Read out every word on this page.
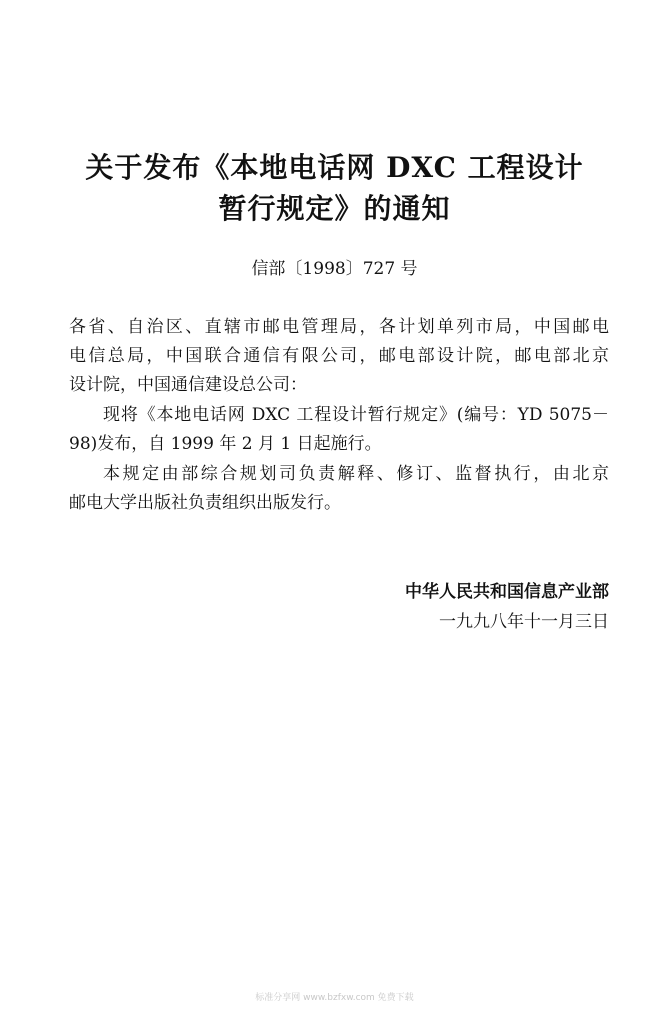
关于发布《本地电话网 DXC 工程设计
暂行规定》的通知
信部〔1998〕727 号
各省、自治区、直辖市邮电管理局，各计划单列市局，中国邮电
电信总局，中国联合通信有限公司，邮电部设计院，邮电部北京
设计院，中国通信建设总公司：
现将《本地电话网 DXC 工程设计暂行规定》(编号：YD 5075－
98)发布，自 1999 年 2 月 1 日起施行。
本规定由部综合规划司负责解释、修订、监督执行，由北京
邮电大学出版社负责组织出版发行。
中华人民共和国信息产业部
一九九八年十一月三日
标准分享网 www.bzfxw.com 免费下载
